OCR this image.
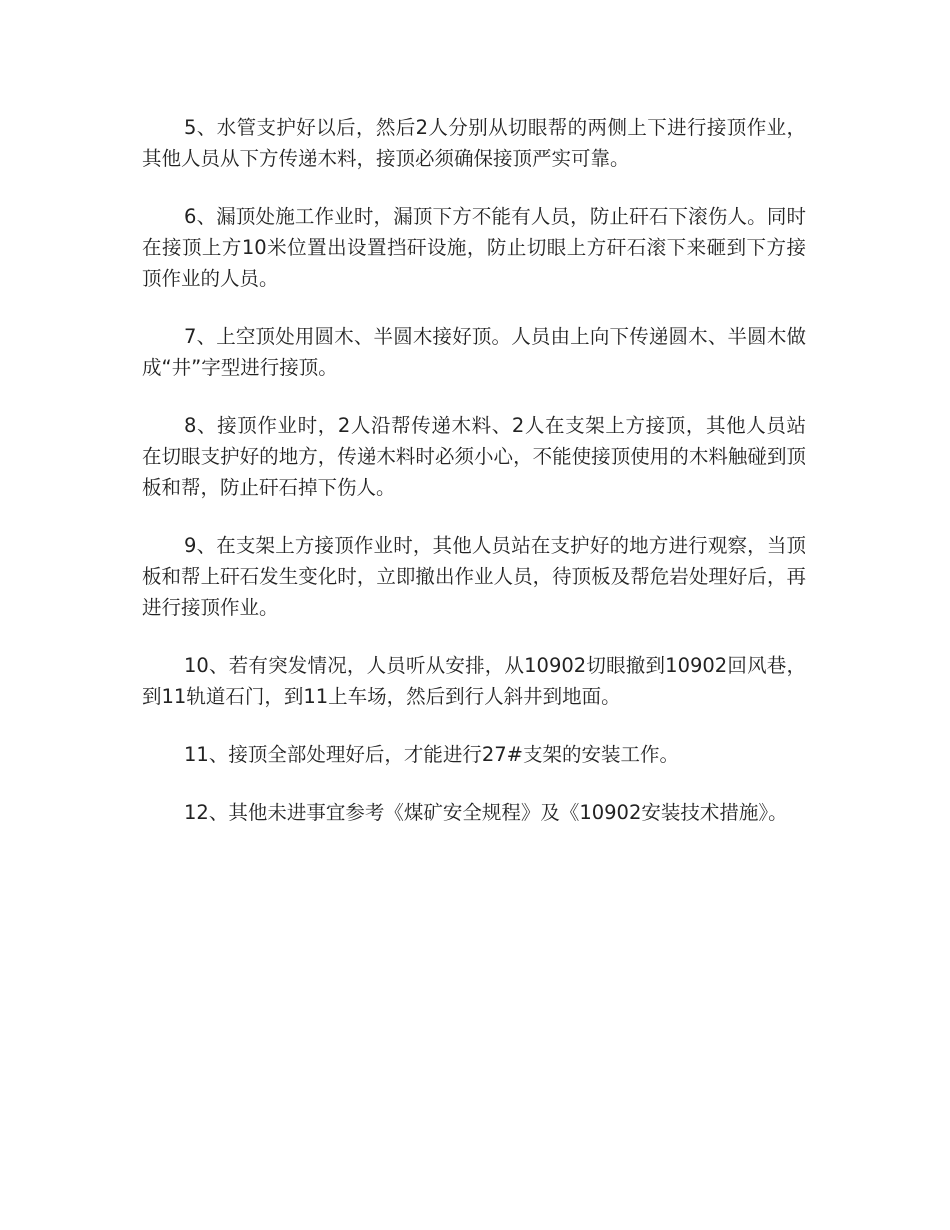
5、水管支护好以后，然后2人分别从切眼帮的两侧上下进行接顶作业，其他人员从下方传递木料，接顶必须确保接顶严实可靠。

6、漏顶处施工作业时，漏顶下方不能有人员，防止矸石下滚伤人。同时在接顶上方10米位置出设置挡矸设施，防止切眼上方矸石滚下来砸到下方接顶作业的人员。

7、上空顶处用圆木、半圆木接好顶。人员由上向下传递圆木、半圆木做成“井”字型进行接顶。

8、接顶作业时，2人沿帮传递木料、2人在支架上方接顶，其他人员站在切眼支护好的地方，传递木料时必须小心，不能使接顶使用的木料触碰到顶板和帮，防止矸石掉下伤人。

9、在支架上方接顶作业时，其他人员站在支护好的地方进行观察，当顶板和帮上矸石发生变化时，立即撤出作业人员，待顶板及帮危岩处理好后，再进行接顶作业。

10、若有突发情况，人员听从安排，从10902切眼撤到10902回风巷，到11轨道石门，到11上车场，然后到行人斜井到地面。

11、接顶全部处理好后，才能进行27#支架的安装工作。

12、其他未进事宜参考《煤矿安全规程》及《10902安装技术措施》。
